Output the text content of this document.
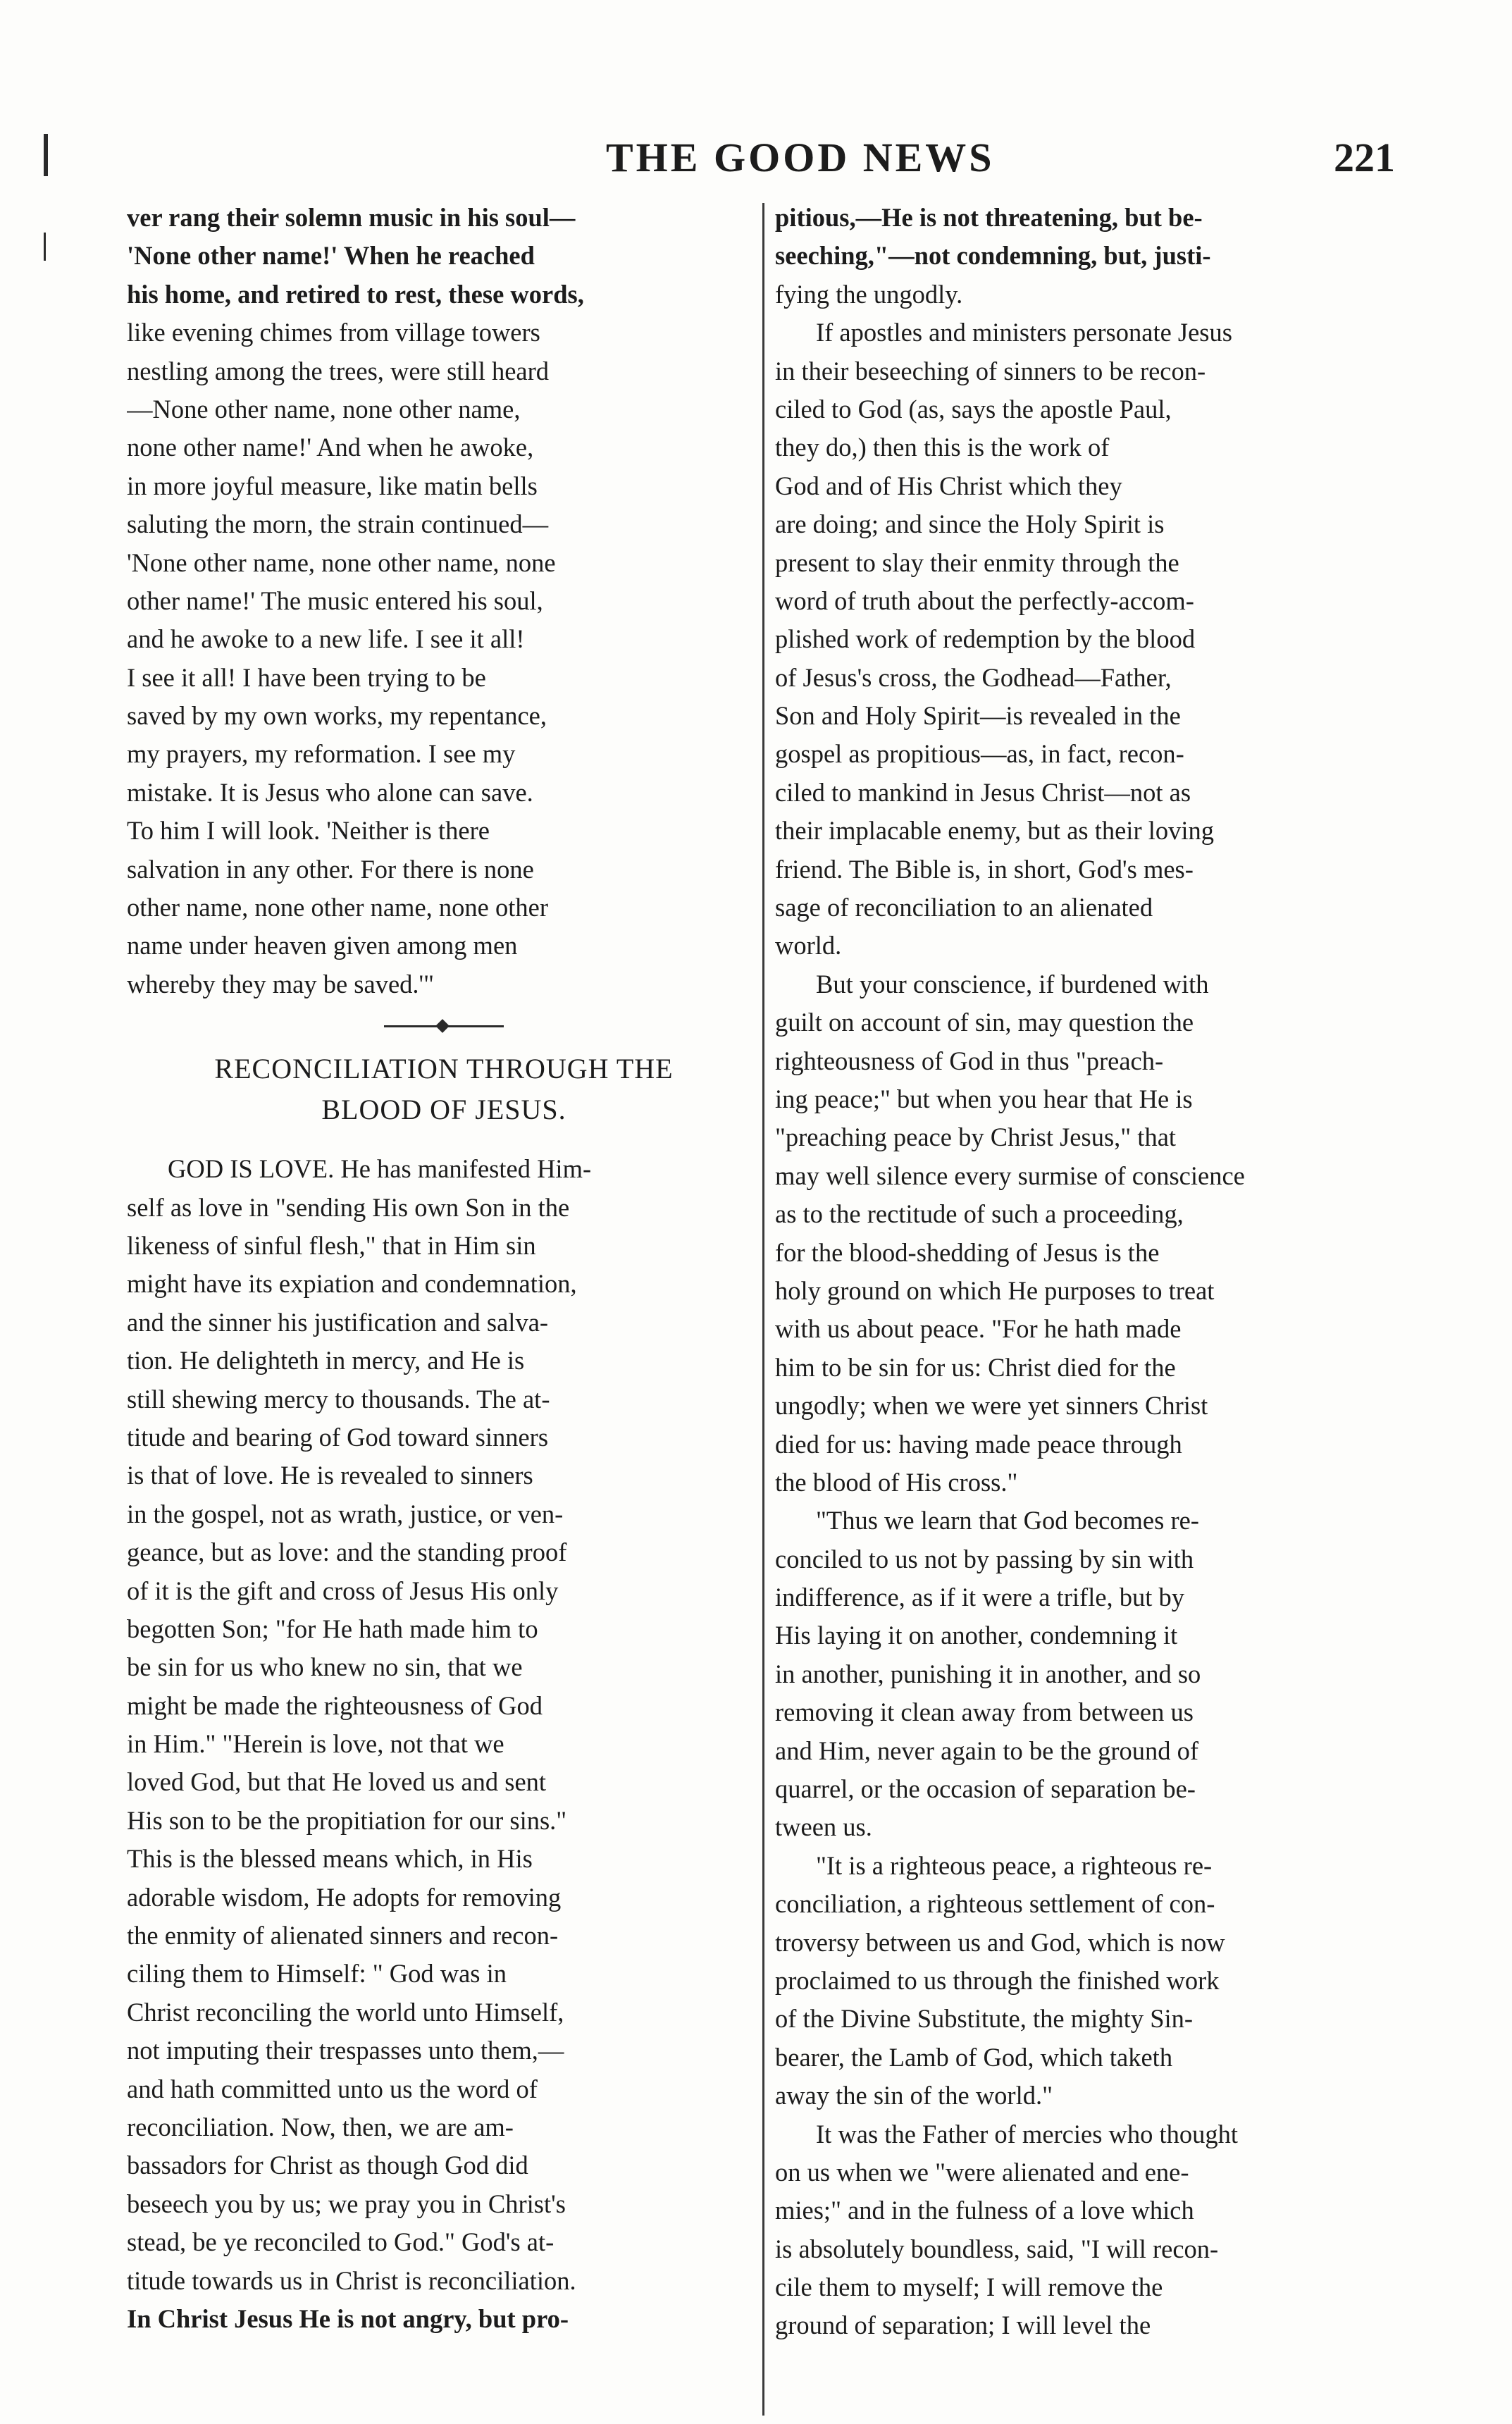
THE GOOD NEWS	221
ver rang their solemn music in his soul—
'None other name!' When he reached
his home, and retired to rest, these words,
like evening chimes from village towers
nestling among the trees, were still heard
—None other name, none other name,
none other name!' And when he awoke,
in more joyful measure, like matin bells
saluting the morn, the strain continued—
'None other name, none other name, none
other name!' The music entered his soul,
and he awoke to a new life. I see it all!
I see it all! I have been trying to be
saved by my own works, my repentance,
my prayers, my reformation. I see my
mistake. It is Jesus who alone can save.
To him I will look. 'Neither is there
salvation in any other. For there is none
other name, none other name, none other
name under heaven given among men
whereby they may be saved.'"
RECONCILIATION THROUGH THE
BLOOD OF JESUS.
GOD IS LOVE. He has manifested Him-
self as love in "sending His own Son in the
likeness of sinful flesh," that in Him sin
might have its expiation and condemnation,
and the sinner his justification and salva-
tion. He delighteth in mercy, and He is
still shewing mercy to thousands. The at-
titude and bearing of God toward sinners
is that of love. He is revealed to sinners
in the gospel, not as wrath, justice, or ven-
geance, but as love: and the standing proof
of it is the gift and cross of Jesus His only
begotten Son; "for He hath made him to
be sin for us who knew no sin, that we
might be made the righteousness of God
in Him." "Herein is love, not that we
loved God, but that He loved us and sent
His son to be the propitiation for our sins."
This is the blessed means which, in His
adorable wisdom, He adopts for removing
the enmity of alienated sinners and recon-
ciling them to Himself: " God was in
Christ reconciling the world unto Himself,
not imputing their trespasses unto them,—
and hath committed unto us the word of
reconciliation. Now, then, we are am-
bassadors for Christ as though God did
beseech you by us; we pray you in Christ's
stead, be ye reconciled to God." God's at-
titude towards us in Christ is reconciliation.
In Christ Jesus He is not angry, but pro-
pitious,—He is not threatening, but be-
seeching,"—not condemning, but, justi-
fying the ungodly.
If apostles and ministers personate Jesus
in their beseeching of sinners to be recon-
ciled to God (as, says the apostle Paul,
they do,) then this is the work of
God and of His Christ which they
are doing; and since the Holy Spirit is
present to slay their enmity through the
word of truth about the perfectly-accom-
plished work of redemption by the blood
of Jesus's cross, the Godhead—Father,
Son and Holy Spirit—is revealed in the
gospel as propitious—as, in fact, recon-
ciled to mankind in Jesus Christ—not as
their implacable enemy, but as their loving
friend. The Bible is, in short, God's mes-
sage of reconciliation to an alienated
world.
But your conscience, if burdened with
guilt on account of sin, may question the
righteousness of God in thus "preach-
ing peace;" but when you hear that He is
"preaching peace by Christ Jesus," that
may well silence every surmise of conscience
as to the rectitude of such a proceeding,
for the blood-shedding of Jesus is the
holy ground on which He purposes to treat
with us about peace. "For he hath made
him to be sin for us: Christ died for the
ungodly; when we were yet sinners Christ
died for us: having made peace through
the blood of His cross."
"Thus we learn that God becomes re-
conciled to us not by passing by sin with
indifference, as if it were a trifle, but by
His laying it on another, condemning it
in another, punishing it in another, and so
removing it clean away from between us
and Him, never again to be the ground of
quarrel, or the occasion of separation be-
tween us.
"It is a righteous peace, a righteous re-
conciliation, a righteous settlement of con-
troversy between us and God, which is now
proclaimed to us through the finished work
of the Divine Substitute, the mighty Sin-
bearer, the Lamb of God, which taketh
away the sin of the world."
It was the Father of mercies who thought
on us when we "were alienated and ene-
mies;" and in the fulness of a love which
is absolutely boundless, said, "I will recon-
cile them to myself; I will remove the
ground of separation; I will level the
